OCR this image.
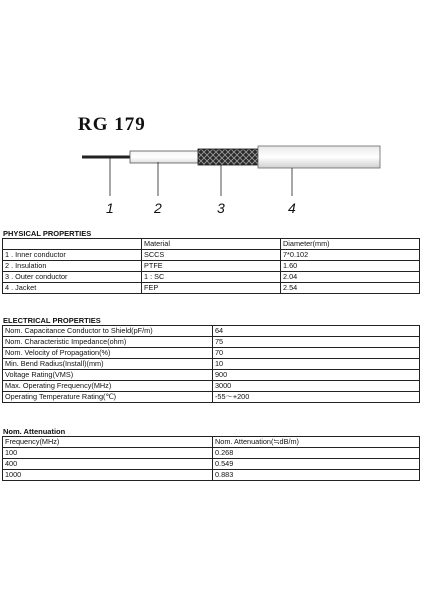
RG 179
1	2	3	4
PHYSICAL PROPERTIES
	Material	Diameter(mm)
1 . Inner conductor	SCCS	7*0.102
2 . Insulation	PTFE	1.60
3 . Outer conductor	1 : SC	2.04
4 . Jacket	FEP	2.54
ELECTRICAL PROPERTIES
Nom. Capacitance Conductor to Shield(pF/m)	64
Nom. Characteristic Impedance(ohm)	75
Nom. Velocity of Propagation(%)	70
Min. Bend Radius(Install)(mm)	10
Voltage Rating(VMS)	900
Max. Operating Frequency(MHz)	3000
Operating Temperature Rating(℃)	-55～+200
Nom. Attenuation
Frequency(MHz)	Nom. Attenuation(≒dB/m)
100	0.268
400	0.549
1000	0.883
